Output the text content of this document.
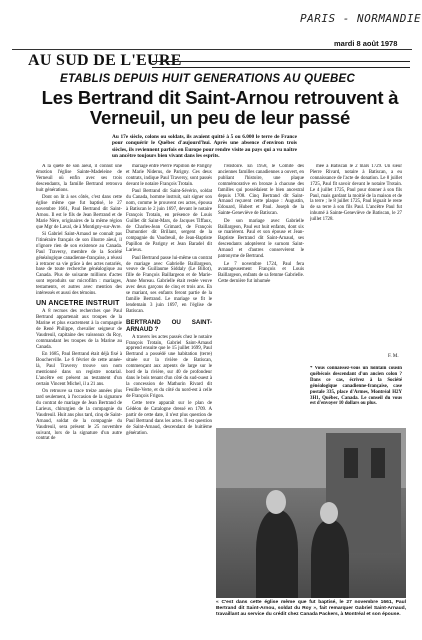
PARIS - NORMANDIE
mardi 8 août 1978
AU SUD DE L'EURE
ETABLIS DEPUIS HUIT GENERATIONS AU QUEBEC
Les Bertrand dit Saint-Arnou retrouvent à Verneuil, un peu de leur passé
Au 17e siècle, colons ou soldats, ils avaient quitté à 5 ou 6.000 le terre de France pour conquérir le Québec d'aujourd'hui. Après une absence d'environ trois siècles, ils reviennent parfois en Europe pour rendre visite au pays qui a vu naître un ancêtre toujours bien vivant dans les esprits.

A la quête de son aïeul, il connut une émotion l'église Sainte-Madeleine de Verneuil où enfin avec ses trois descendants, la famille Bertrand retrouva huit générations.

Dont on lit à ses côtés, c'est dans cette église même que fut baptisé, le 27 novembre 1661, Paul Bertrand dit Saint-Arnou. Il est le fils de Jean Bertrand et de Marie Nère, originaires de la même région que Mgr de Laval, de à Montigny-sur-Avre.

Si Gabriel Saint-Arnaud ne connaît pas l'itinéraire français de son illustre aïeul, il n'ignore rien de son existence au Canada. Paul Traversy, membre de la Société généalogique canadienne-française, a réussi à retracer sa vie grâce à des actes notariés, base de toute recherche généalogique au Canada. Plus de soixante millions d'actes sont reproduits sur microfilm : mariages, testaments, et autres avec mention des intéressés et aussi des témoins.

UN ANCETRE INSTRUIT

A 8 recrues des recherches que Paul Bertrand appartenait aux troupes de la Marine et plus exactement à la compagnie de René Philippe, chevalier seigneur de Vaudreuil, capitaine des vaisseaux du Roy, commandant les troupes de la Marine au Canada.

En 1685, Paul Bertrand était déjà fixé à Boucherville. Le 6 février de cette année-là, Paul Traversy trouve son nom mentionné dans un registre notarial. L'ancêtre est présent au testament d'un certain Vincent Michel, il a 21 ans.

On retrouve sa trace treize années plus tard seulement, à l'occasion de la signature du contrat de mariage de Jean Bertrand de Larieux, chirurgien de la compagnie du Vaudreuil. Huit ans plus tard, cinq de Saint-Arnaud, soldat de la compagnie du Vaudreuil, sera présent le 25 novembre suivant, lors de la signature d'un autre contrat de

mariage entre Pierre Papillon de Parigny et Marie Niderus, de Parigny. Ces deux contrats, indique Paul Traversy, sont passés devant le notaire François Trotain.

Paul Bertrand dit Saint-Sévérin, soldat du Canada, homme instruit, sait signer son nom, comme le prouvent ces actes, épousa à Batiscan le 2 juin 1697, devant le notaire François Trotain, en présence de Louis Guillet dit Saint-Mars, de Jacques Tiffaux, de Charles-Jean Grimard, de François Dumontier dit Brillant, sergent de la compagnie du Vaudreuil, de Jean-Baptiste Papillon de Parigny et Jean Baradel dit Larieux.

Paul Bertrand passe lui-même un contrat de mariage avec Gabrielle Baillargeon, veuve de Guillaume Siddaly (Le Billot), fille de François Baillargeon et de Marie-Anne Moreau. Gabrielle était restée veuve avec deux garçons de cinq et trois ans. En se mariant, ses enfants feront partie de la famille Bertrand. Le mariage se fit le lendemain 3 juin 1697, en l'église de Batiscan.

BERTRAND OU SAINT-ARNAUD ?

A travers les actes passés chez le notaire François Trotain, Gabriel Saint-Arnaud apprend ensuite que le 15 juillet 1699, Paul Bertrand a possédé une habitation (terre) située sur la rivière de Batiscan, commençant aux arpents de large sur le bord de la rivière, sur 40 de profondeur dans le bois tenant d'un côté du sud-ouest à la concession de Mathurin Rivard dit Feuille-Verte, et du côté du nord-est à celle de François Frigon.

Cette terre apparaît sur le plan de Gédéon de Catalogne dressé en 1709. A partir de cette date, il n'est plus question de Paul Bertrand dans les actes. Il est question de Saint-Arnaud, descendant de huitième génération.

l'Histoire. En 1958, le Comité des anciennes familles canadiennes a ouvert, en publiant l'histoire, une plaque commémorative en bronze à chacune des familles qui possédaient le bien ancestral depuis 1708. Cinq Bertrand dit Saint-Arnaud reçurent cette plaque : Augustin, Edouard, Hubert et Paul. Joseph de la Sainte-Geneviève de Batiscan.

De son mariage avec Gabrielle Baillargeon, Paul eut huit enfants, dont six se marièrent. Paul et son épouse et Jean-Baptiste Bertrand dit Saint-Arnaud, ses descendants adoptèrent le surnom Saint-Arnaud et d'autres conservèrent le patronyme de Bertrand.

Le 7 novembre 1724, Paul fera avantageusement François et Louis Baillargeon, enfants de sa femme Gabrielle. Cette dernière fut inhumée

mée à Batiscan le 2 mars 1729. Un sieur Pierre Rivard, notaire à Batiscan, a eu connaissance de l'acte de donation. Le 8 juillet 1725, Paul fit savoir devant le notaire Trotain. Le 4 juillet 1725, Paul pour donner à son fils Paul, mais gardant la moitié de la maison et de la terre ; le 8 juillet 1725, Paul léguait le reste de sa terre à son fils Paul. L'ancêtre Paul fut inhumé à Sainte-Geneviève de Batiscan, le 27 juillet 1728.

F. M.
* Vous connaissez-vous un lointain cousin québécois descendant d'un ancien colon ? Dans ce cas, écrivez à la Société généalogique canadienne-française, case postale 335, place d'Armes, Montréal H2Y 3H1, Québec, Canada. Le conseil du vous est d'envoyer 10 dollars ou plus.
« C'est dans cette église même que fut baptisé, le 27 novembre 1661, Paul Bertrand dit Saint-Arnou, soldat du Roy », fait remarquer Gabriel Saint-Arnaud, travaillant au service du crédit chez Canada Packers, à Montréal et son épouse.
